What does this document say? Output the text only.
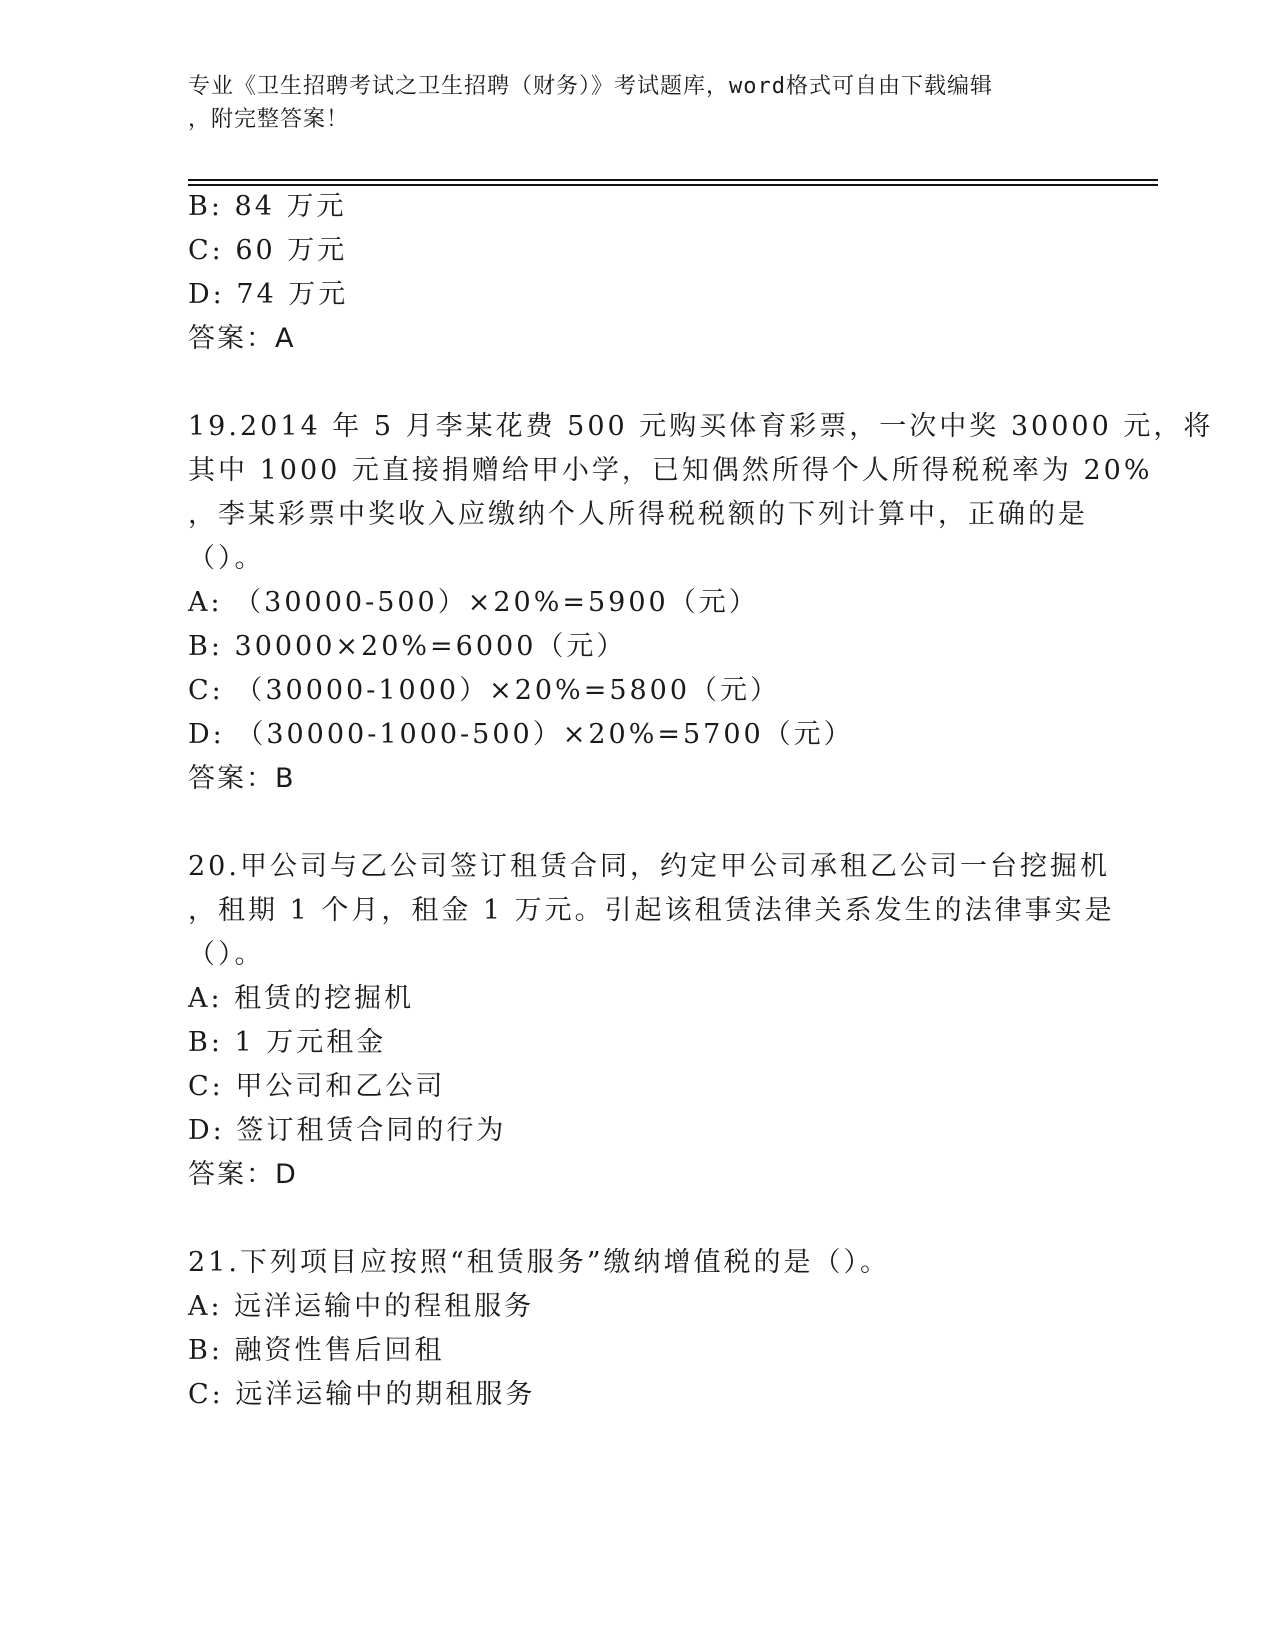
专业《卫生招聘考试之卫生招聘（财务）》考试题库，word格式可自由下载编辑
，附完整答案！
B: 84 万元
C: 60 万元
D: 74 万元
答案：A
19.2014 年 5 月李某花费 500 元购买体育彩票，一次中奖 30000 元，将
其中 1000 元直接捐赠给甲小学，已知偶然所得个人所得税税率为 20%
，李某彩票中奖收入应缴纳个人所得税税额的下列计算中，正确的是
（）。
A: （30000-500）×20%=5900（元）
B: 30000×20%=6000（元）
C: （30000-1000）×20%=5800（元）
D: （30000-1000-500）×20%=5700（元）
答案：B
20.甲公司与乙公司签订租赁合同，约定甲公司承租乙公司一台挖掘机
，租期 1 个月，租金 1 万元。引起该租赁法律关系发生的法律事实是
（）。
A: 租赁的挖掘机
B: 1 万元租金
C: 甲公司和乙公司
D: 签订租赁合同的行为
答案：D
21.下列项目应按照“租赁服务”缴纳增值税的是（）。
A: 远洋运输中的程租服务
B: 融资性售后回租
C: 远洋运输中的期租服务
